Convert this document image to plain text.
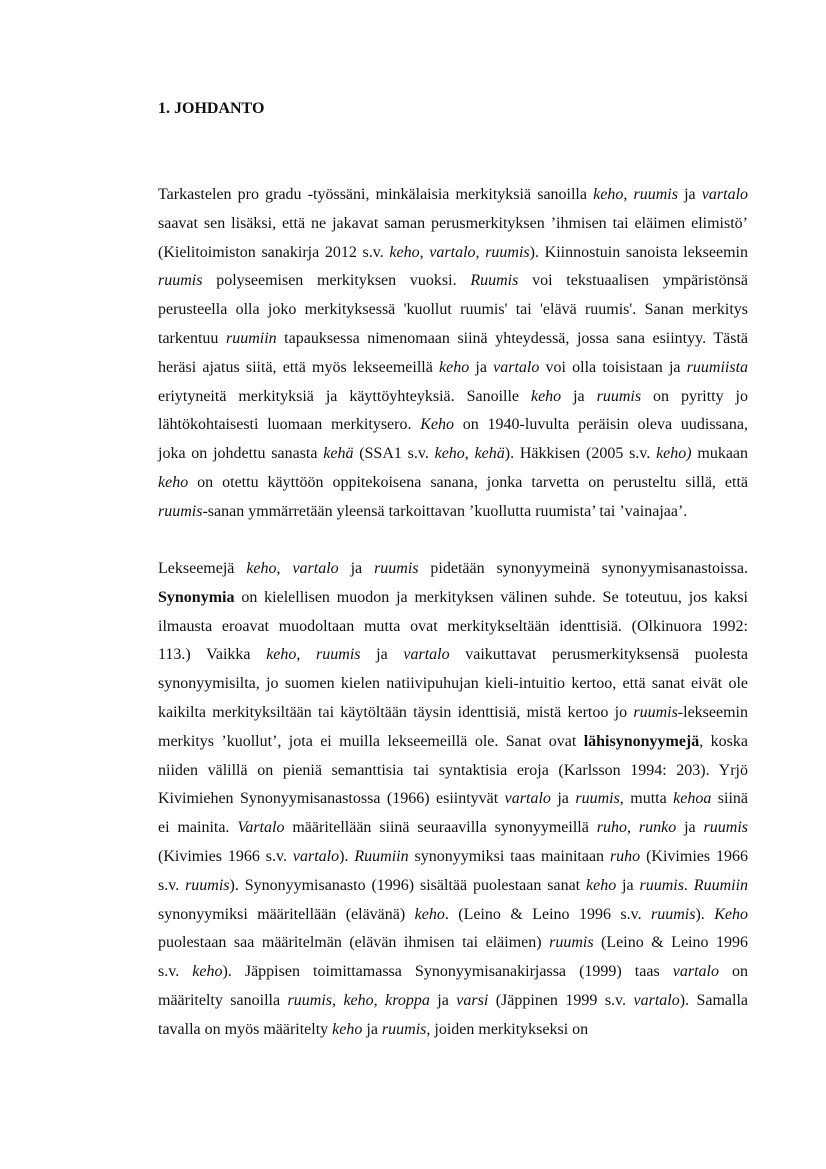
1. JOHDANTO
Tarkastelen pro gradu -työssäni, minkälaisia merkityksiä sanoilla keho, ruumis ja vartalo
saavat sen lisäksi, että ne jakavat saman perusmerkityksen ’ihmisen tai eläimen elimistö’
(Kielitoimiston sanakirja 2012 s.v. keho, vartalo, ruumis). Kiinnostuin sanoista lekseemin
ruumis polyseemisen merkityksen vuoksi. Ruumis voi tekstuaalisen ympäristönsä
perusteella olla joko merkityksessä 'kuollut ruumis' tai 'elävä ruumis'. Sanan merkitys
tarkentuu ruumiin tapauksessa nimenomaan siinä yhteydessä, jossa sana esiintyy. Tästä
heräsi ajatus siitä, että myös lekseemeillä keho ja vartalo voi olla toisistaan ja ruumiista
eriytyneitä merkityksiä ja käyttöyhteyksiä. Sanoille keho ja ruumis on pyritty jo
lähtökohtaisesti luomaan merkitysero. Keho on 1940-luvulta peräisin oleva uudissana,
joka on johdettu sanasta kehä (SSA1 s.v. keho, kehä). Häkkisen (2005 s.v. keho) mukaan
keho on otettu käyttöön oppitekoisena sanana, jonka tarvetta on perusteltu sillä, että
ruumis-sanan ymmärretään yleensä tarkoittavan ’kuollutta ruumista’ tai ’vainajaa’.
Lekseemejä keho, vartalo ja ruumis pidetään synonyymeinä synonyymisanastoissa.
Synonymia on kielellisen muodon ja merkityksen välinen suhde. Se toteutuu, jos kaksi
ilmausta eroavat muodoltaan mutta ovat merkitykseltään identtisiä. (Olkinuora 1992:
113.) Vaikka keho, ruumis ja vartalo vaikuttavat perusmerkityksensä puolesta
synonyymisilta, jo suomen kielen natiivipuhujan kieli-intuitio kertoo, että sanat eivät ole
kaikilta merkityksiltään tai käytöltään täysin identtisiä, mistä kertoo jo ruumis-lekseemin
merkitys ’kuollut’, jota ei muilla lekseemeillä ole. Sanat ovat lähisynonyymejä, koska
niiden välillä on pieniä semanttisia tai syntaktisia eroja (Karlsson 1994: 203). Yrjö
Kivimiehen Synonyymisanastossa (1966) esiintyvät vartalo ja ruumis, mutta kehoa siinä
ei mainita. Vartalo määritellään siinä seuraavilla synonyymeillä ruho, runko ja ruumis
(Kivimies 1966 s.v. vartalo). Ruumiin synonyymiksi taas mainitaan ruho (Kivimies 1966
s.v. ruumis). Synonyymisanasto (1996) sisältää puolestaan sanat keho ja ruumis. Ruumiin
synonyymiksi määritellään (elävänä) keho. (Leino & Leino 1996 s.v. ruumis). Keho
puolestaan saa määritelmän (elävän ihmisen tai eläimen) ruumis (Leino & Leino 1996
s.v. keho). Jäppisen toimittamassa Synonyymisanakirjassa (1999) taas vartalo on
määritelty sanoilla ruumis, keho, kroppa ja varsi (Jäppinen 1999 s.v. vartalo). Samalla
tavalla on myös määritelty keho ja ruumis, joiden merkitykseksi on
